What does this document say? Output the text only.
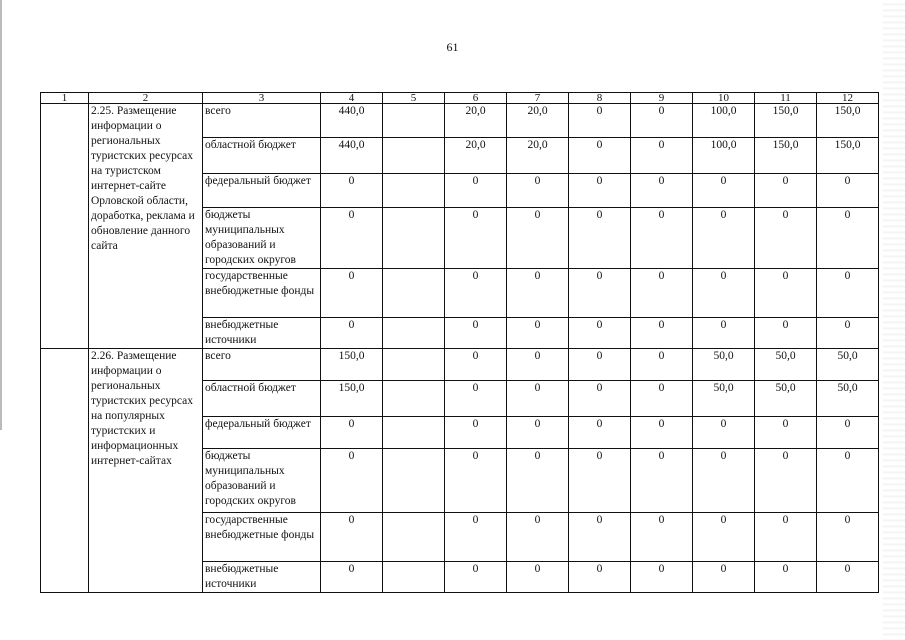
61
1	2	3	4	5	6	7	8	9	10	11	12
	2.25. Размещение информации о региональных туристских ресурсах на туристском интернет-сайте Орловской области, доработка, реклама и обновление данного сайта	всего	440,0		20,0	20,0	0	0	100,0	150,0	150,0
		областной бюджет	440,0		20,0	20,0	0	0	100,0	150,0	150,0
		федеральный бюджет	0		0	0	0	0	0	0	0
		бюджеты муниципальных образований и городских округов	0		0	0	0	0	0	0	0
		государственные внебюджетные фонды	0		0	0	0	0	0	0	0
		внебюджетные источники	0		0	0	0	0	0	0	0
	2.26. Размещение информации о региональных туристских ресурсах на популярных туристских и информационных интернет-сайтах	всего	150,0		0	0	0	0	50,0	50,0	50,0
		областной бюджет	150,0		0	0	0	0	50,0	50,0	50,0
		федеральный бюджет	0		0	0	0	0	0	0	0
		бюджеты муниципальных образований и городских округов	0		0	0	0	0	0	0	0
		государственные внебюджетные фонды	0		0	0	0	0	0	0	0
		внебюджетные источники	0		0	0	0	0	0	0	0
